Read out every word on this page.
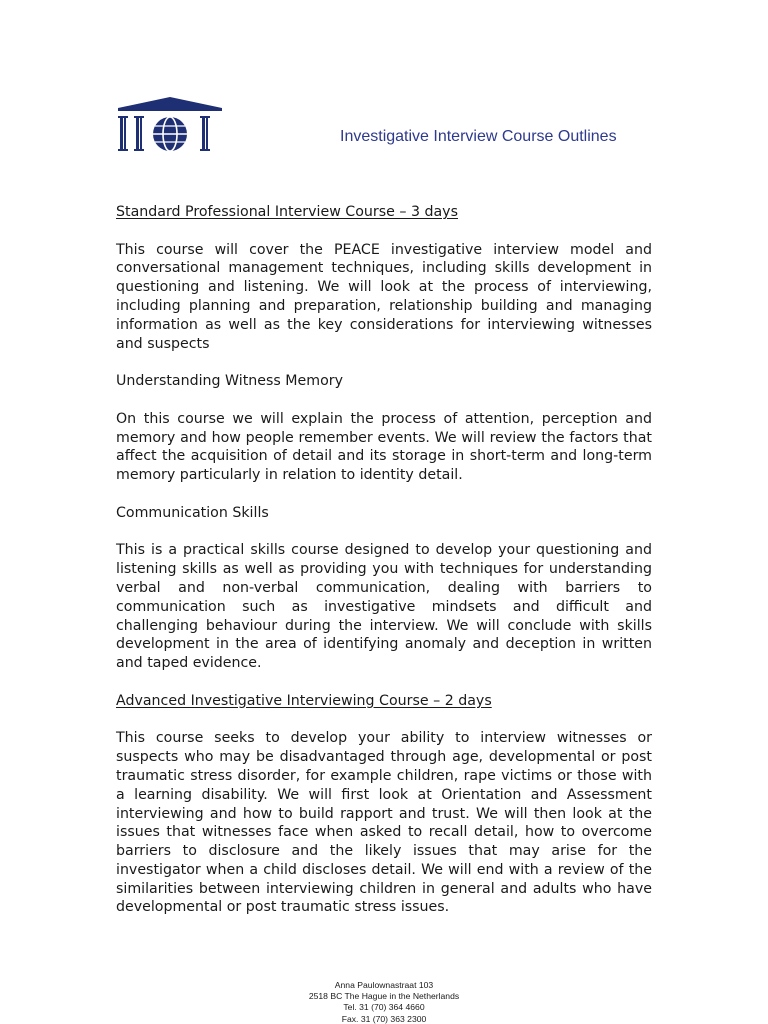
Investigative Interview Course Outlines
Standard Professional Interview Course – 3 days

This course will cover the PEACE investigative interview model and conversational management techniques, including skills development in questioning and listening. We will look at the process of interviewing, including planning and preparation, relationship building and managing information as well as the key considerations for interviewing witnesses and suspects

Understanding Witness Memory

On this course we will explain the process of attention, perception and memory and how people remember events. We will review the factors that affect the acquisition of detail and its storage in short-term and long-term memory particularly in relation to identity detail.

Communication Skills

This is a practical skills course designed to develop your questioning and listening skills as well as providing you with techniques for understanding verbal and non-verbal communication, dealing with barriers to communication such as investigative mindsets and difficult and challenging behaviour during the interview. We will conclude with skills development in the area of identifying anomaly and deception in written and taped evidence.

Advanced Investigative Interviewing Course – 2 days

This course seeks to develop your ability to interview witnesses or suspects who may be disadvantaged through age, developmental or post traumatic stress disorder, for example children, rape victims or those with a learning disability. We will first look at Orientation and Assessment interviewing and how to build rapport and trust. We will then look at the issues that witnesses face when asked to recall detail, how to overcome barriers to disclosure and the likely issues that may arise for the investigator when a child discloses detail. We will end with a review of the similarities between interviewing children in general and adults who have developmental or post traumatic stress issues.

Anna Paulownastraat 103
2518 BC The Hague in the Netherlands
Tel. 31 (70) 364 4660
Fax. 31 (70) 363 2300
